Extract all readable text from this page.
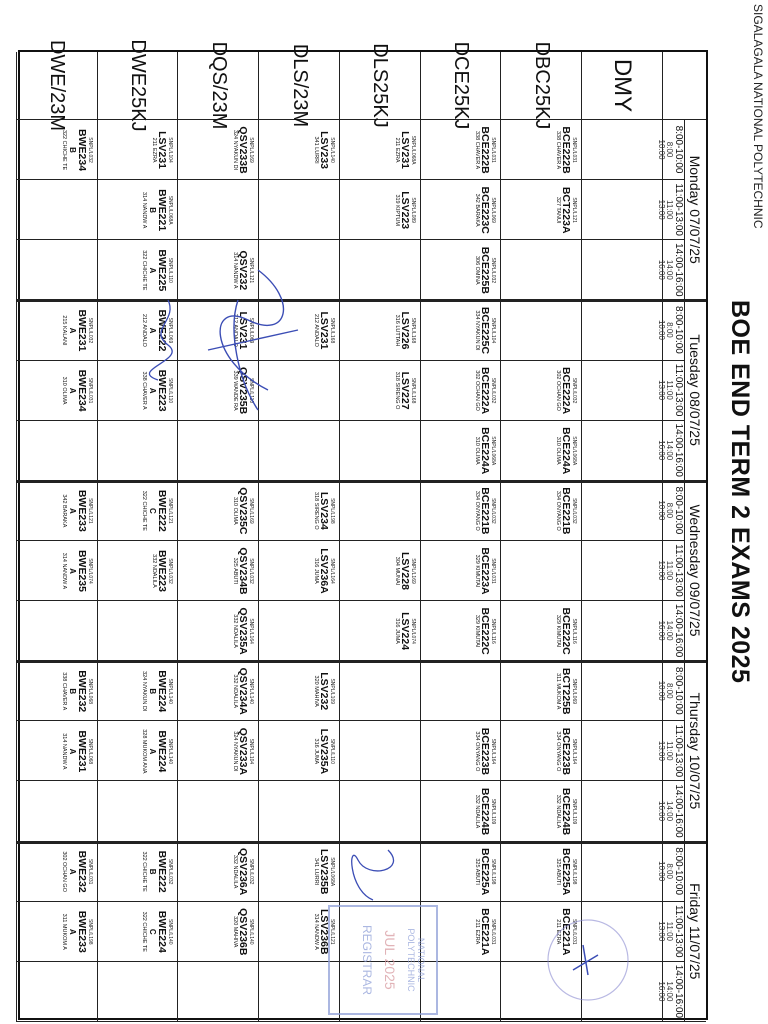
SIGALAGALA NATIONAL POLYTECHNIC
BOE END TERM 2 EXAMS 2025
Monday 07/07/25
8:00-10:00
8:00
10:00
11:00-13:00
11:00
13:00
14:00-16:00
14:00
16:00
Tuesday 08/07/25
8:00-10:00
8:00
10:00
11:00-13:00
11:00
13:00
14:00-16:00
14:00
16:00
Wednesday 09/07/25
8:00-10:00
8:00
10:00
11:00-13:00
11:00
13:00
14:00-16:00
14:00
16:00
Thursday 10/07/25
8:00-10:00
8:00
10:00
11:00-13:00
11:00
13:00
14:00-16:00
14:00
16:00
Friday 11/07/25
8:00-10:00
8:00
10:00
11:00-13:00
11:00
13:00
14:00-16:00
14:00
16:00
DMY
DBC25KJ
DCE25KJ
DLS25KJ
DLS/23M
DQS/23M
DWE25KJ
DWE/23M
SNPL/L031
BCE222B
338 CHAVER A
SNPL/L121
BCT223A
327 TANUI
SNPL/L032
BCE222A
302 OCHAN GO
SNPL/L068A
BCE224A
310 OLIMA
SNPL/L032
BCE221B
334 ONYANG O
SNPL/L116
BCE222C
329 KIMUTAI
SNPL/L069
BCT225B
311 MUKOM A
SNPL/L164
BCE223B
334 ONYANG O
SNPL/L109
BCE224B
332 NDALILA
SNPL/L198
BCE225A
325 ABUTI
SNPL/L031
BCE221A
211 EZRA
SNPL/L031
BCE222B
338 CHAVER A
SNPL/L069
BCE223C
342 BARAKA
SNPL/L032
BCE225B
306 OMINA
SNPL/L104
BCE225C
334 NYAKUN DI
SNPL/L032
BCE222A
302 OCHAN GO
SNPL/L068A
BCE224A
310 OLIMA
SNPL/L032
BCE221B
334 ONYANG O
SNPL/L031
BCE223A
329 KIMUTAI
SNPL/L116
BCE222C
329 KIMUTAI
SNPL/L164
BCE223B
334 ONYANG O
SNPL/L109
BCE224B
332 NDALILA
SNPL/L198
BCE225A
325 ABUTI
SNPL/L031
BCE221A
211 EZRA
SNPL/L068A
LSV231
211 EZRA
SNPL/L089
LSV223
319 KIPTUM
SNPL/L168
LSV226
316 LUTTAH
SNPL/L168
LSV227
318 SIRENG O
SNPL/L169
LSV228
304 MUNAI
SNPL/L074
LSV224
316 JUMA
SNPL/L140
LSV233
341 LURRI
SNPL/L168
LSV231
212 ANDALO
SNPL/L198
LSV234
318 SIRENG O
SNPL/L164
LSV236A
316 JUMA
SNPL/L109
LSV232
320 MAHIVA
SNPL/L110
LSV235A
316 JUMA
SNPL/L068A
LSV235B
341 LURRI
SNPL/L121
LSV236B
314 NANDW A
SNPL/L169
QSV233B
324 NYAKUN DI
SNPL/L121
QSV232
314 NANDW A
SNPL/L069
LSV231
212 ANDALO
SNPL/L110
QSV235B
339 WANDE RA
SNPL/L169
QSV235C
310 OLIMA
SNPL/L032
QSV234B
325 ABUTI
SNPL/L164
QSV235A
332 NDALILA
SNPL/L140
QSV234A
332 NDALILA
SNPL/L104
QSV233A
324 NYAKUN DI
SNPL/L032
QSV236A
332 NDALILA
SNPL/L140
QSV236B
320 MAHIVA
SNPL/L104
LSV231
211 EZRA
SNPL/L068A
BWE221
B
314 NANDW A
SNPL/L110
BWE225
A
322 CHICHE TE
SNPL/L069
BWE222
A
212 ANDALO
SNPL/L110
BWE223
A
338 CHAVER A
SNPL/L121
BWE222
C
322 CHICHE TE
SNPL/L032
BWE223
332 NDALILA
SNPL/L140
BWE224
B
324 NYAKUN DI
SNPL/L140
BWE224
A
328 MUKOM ANA
SNPL/L032
BWE222
B
322 CHICHE TE
SNPL/L140
BWE224
C
322 CHICHE TE
SNPL/L032
BWE234
B
322 CHICHE TE
SNPL/L032
BWE231
A
215 KALANI
SNPL/L031
BWE234
A
310 OLIMA
SNPL/L121
BWE233
A
342 BARAKA
SNPL/L074
BWE235
A
314 NANDW A
SNPL/L068
BWE232
B
338 CHAVER A
SNPL/L068
BWE231
A
314 NANDW A
SNPL/L031
BWE232
A
302 OCHAN GO
SNPL/L198
BWE233
A
311 MUKOM A
NATIONAL POLYTECHNIC
JUL 2025
REGISTRAR
